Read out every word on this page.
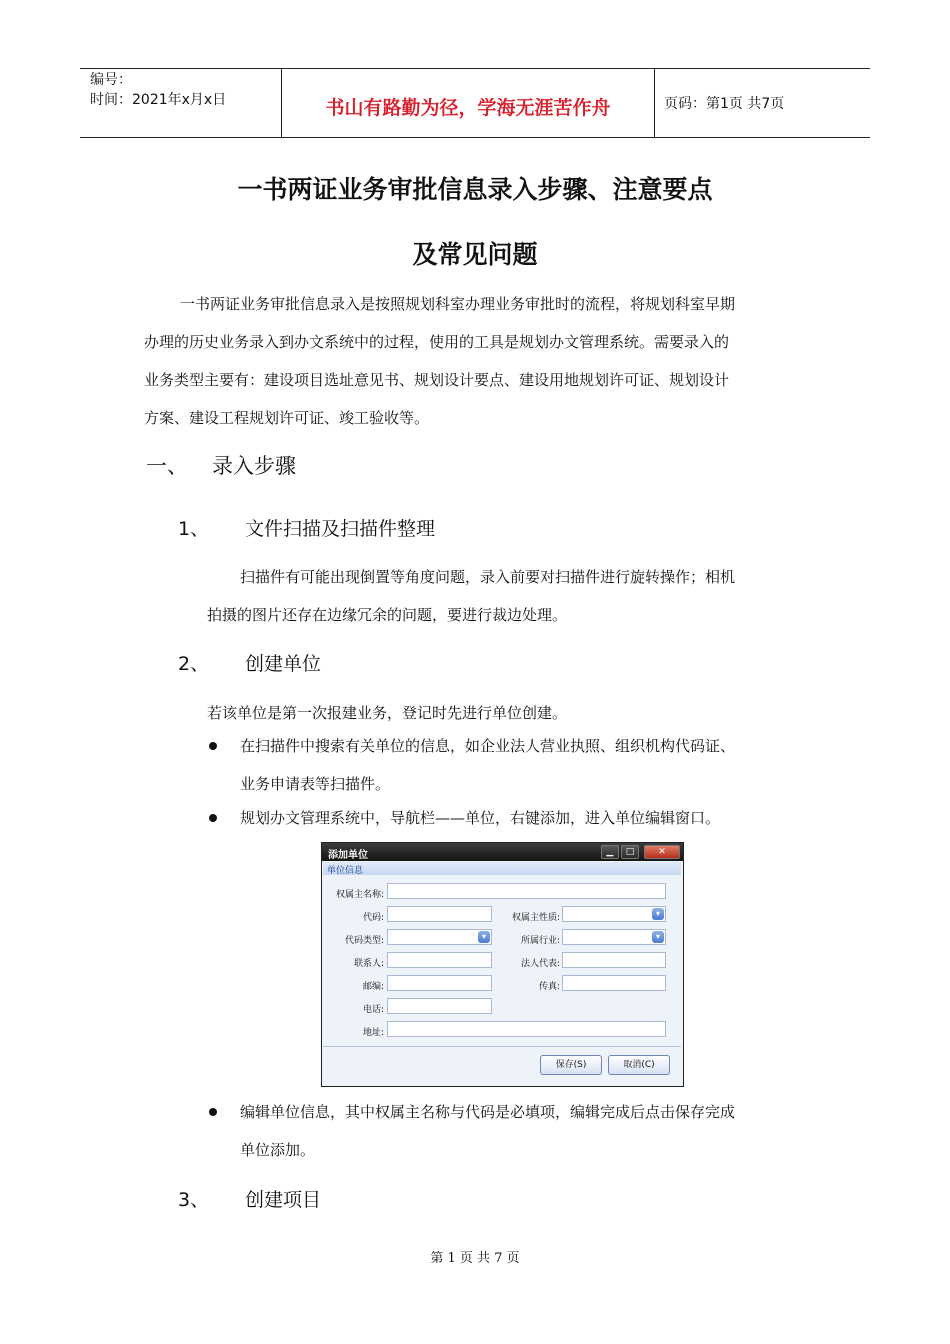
编号：
时间：2021年x月x日	书山有路勤为径，学海无涯苦作舟	页码：第1页 共7页
一书两证业务审批信息录入步骤、注意要点
及常见问题
一书两证业务审批信息录入是按照规划科室办理业务审批时的流程，将规划科室早期
办理的历史业务录入到办文系统中的过程，使用的工具是规划办文管理系统。需要录入的
业务类型主要有：建设项目选址意见书、规划设计要点、建设用地规划许可证、规划设计
方案、建设工程规划许可证、竣工验收等。
一、 录入步骤
1、 文件扫描及扫描件整理
扫描件有可能出现倒置等角度问题，录入前要对扫描件进行旋转操作；相机
拍摄的图片还存在边缘冗余的问题，要进行裁边处理。
2、 创建单位
若该单位是第一次报建业务，登记时先进行单位创建。
在扫描件中搜索有关单位的信息，如企业法人营业执照、组织机构代码证、
业务申请表等扫描件。
规划办文管理系统中，导航栏——单位，右键添加，进入单位编辑窗口。
添加单位	▁	□	✕
单位信息
权属主名称:
代码:	权属主性质:	▾
代码类型:	▾	所属行业:	▾
联系人:	法人代表:
邮编:	传真:
电话:
地址:
保存(S)	取消(C)
编辑单位信息，其中权属主名称与代码是必填项，编辑完成后点击保存完成
单位添加。
3、 创建项目
第 1 页 共 7 页
